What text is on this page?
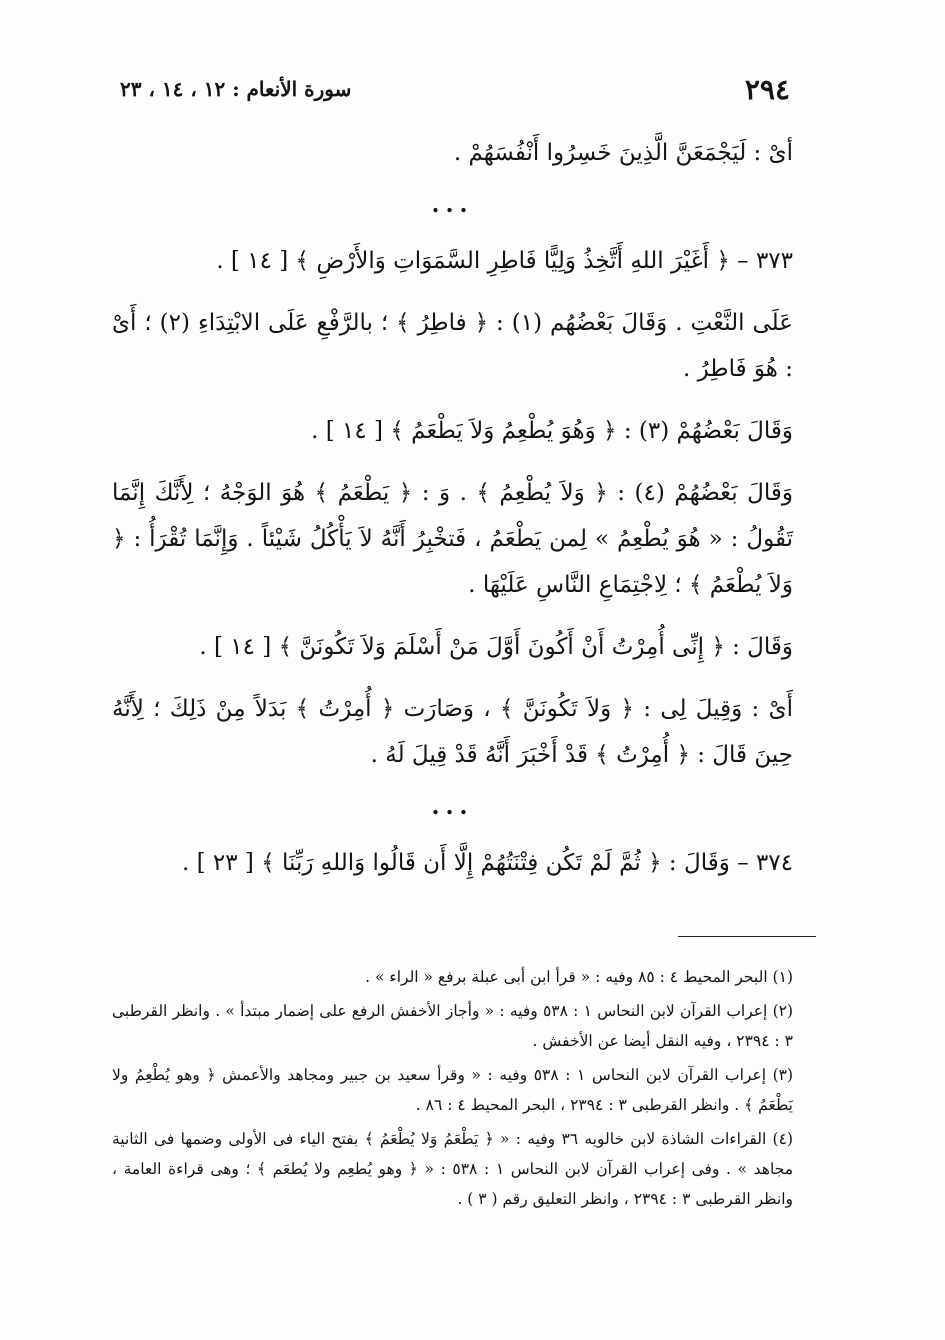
٢٩٤
سورة الأنعام : ١٢ ، ١٤ ، ٢٣

أىْ : لَيَجْمَعَنَّ الَّذِينَ خَسِرُوا أَنْفُسَهُمْ .

...

٣٧٣ – ﴿ أَغَيْرَ اللهِ أَتَّخِذُ وَلِيًّا فَاطِرِ السَّمَوَاتِ وَالأَرْضِ ﴾ [ ١٤ ] .

عَلَى النَّعْتِ . وَقَالَ بَعْضُهُم (١) : ﴿ فاطِرُ ﴾ ؛ بالرَّفْعِ عَلَى الابْتِدَاءِ (٢) ؛ أَىْ : هُوَ فَاطِرُ .

وَقَالَ بَعْضُهُمْ (٣) : ﴿ وَهُوَ يُطْعِمُ وَلاَ يَطْعَمُ ﴾ [ ١٤ ] .

وَقَالَ بَعْضُهُمْ (٤) : ﴿ وَلاَ يُطْعِمُ ﴾ . وَ : ﴿ يَطْعَمُ ﴾ هُوَ الوَجْهُ ؛ لِأَنَّكَ إِنَّمَا تَقُولُ : « هُوَ يُطْعِمُ » لِمن يَطْعَمُ ، فَتخْبِرُ أَنَّهُ لاَ يَأْكُلُ شَيْئاً . وَإِنَّمَا تُقْرَأُ : ﴿ وَلاَ يُطْعَمُ ﴾ ؛ لِاجْتِمَاعِ النَّاسِ عَلَيْهَا .

وَقَالَ : ﴿ إِنِّى أُمِرْتُ أَنْ أَكُونَ أَوَّلَ مَنْ أَسْلَمَ وَلاَ تَكُونَنَّ ﴾ [ ١٤ ] .

أَىْ : وَقِيلَ لِى : ﴿ وَلاَ تَكُونَنَّ ﴾ ، وَصَارَت ﴿ أُمِرْتُ ﴾ بَدَلاً مِنْ ذَلِكَ ؛ لِأَنَّهُ حِينَ قَالَ : ﴿ أُمِرْتُ ﴾ قَدْ أَخْبَرَ أَنَّهُ قَدْ قِيلَ لَهُ .

...

٣٧٤ – وَقَالَ : ﴿ ثُمَّ لَمْ تَكُن فِتْنَتُهُمْ إِلَّا أَن قَالُوا وَاللهِ رَبِّنَا ﴾ [ ٢٣ ] .

(١) البحر المحيط ٤ : ٨٥ وفيه : « قرأ ابن أبى عبلة برفع « الراء » .

(٢) إعراب القرآن لابن النحاس ١ : ٥٣٨ وفيه : « وأجاز الأخفش الرفع على إضمار مبتدأ » . وانظر القرطبى ٣ : ٢٣٩٤ ، وفيه النقل أيضا عن الأخفش .

(٣) إعراب القرآن لابن النحاس ١ : ٥٣٨ وفيه : « وقرأ سعيد بن جبير ومجاهد والأعمش ﴿ وهو يُطْعِمُ ولا يَطْعَمُ ﴾ . وانظر القرطبى ٣ : ٢٣٩٤ ، البحر المحيط ٤ : ٨٦ .

(٤) القراءات الشاذة لابن خالويه ٣٦ وفيه : « ﴿ يَطْعَمُ وَلا يُطْعَمُ ﴾ بفتح الياء فى الأولى وضمها فى الثانية مجاهد » . وفى إعراب القرآن لابن النحاس ١ : ٥٣٨ : « ﴿ وهو يُطعِم ولا يُطعَم ﴾ ؛ وهى قراءة العامة ، وانظر القرطبى ٣ : ٢٣٩٤ ، وانظر التعليق رقم ( ٣ ) .
